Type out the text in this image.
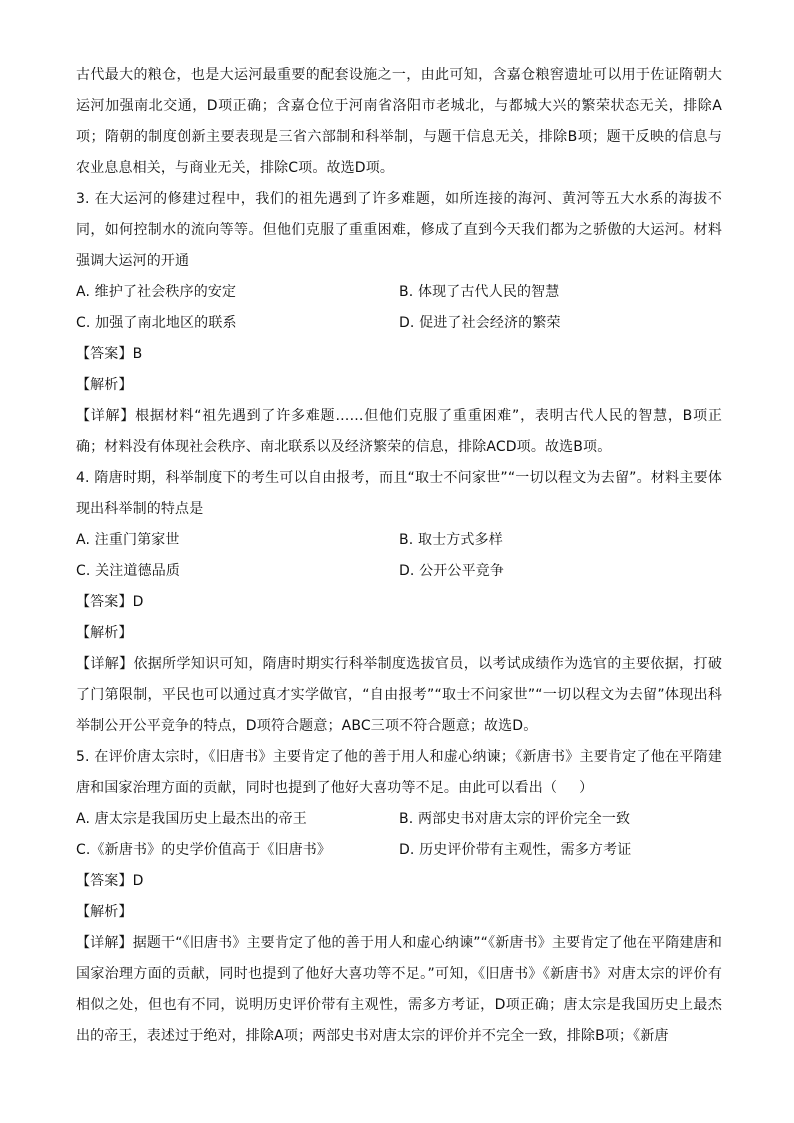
古代最大的粮仓，也是大运河最重要的配套设施之一，由此可知，含嘉仓粮窖遗址可以用于佐证隋朝大运河加强南北交通，D项正确；含嘉仓位于河南省洛阳市老城北，与都城大兴的繁荣状态无关，排除A项；隋朝的制度创新主要表现是三省六部制和科举制，与题干信息无关，排除B项；题干反映的信息与农业息息相关，与商业无关，排除C项。故选D项。

3. 在大运河的修建过程中，我们的祖先遇到了许多难题，如所连接的海河、黄河等五大水系的海拔不同，如何控制水的流向等等。但他们克服了重重困难，修成了直到今天我们都为之骄傲的大运河。材料强调大运河的开通

A. 维护了社会秩序的安定	B. 体现了古代人民的智慧

C. 加强了南北地区的联系	D. 促进了社会经济的繁荣

【答案】B

【解析】

【详解】根据材料“祖先遇到了许多难题……但他们克服了重重困难”，表明古代人民的智慧，B项正确；材料没有体现社会秩序、南北联系以及经济繁荣的信息，排除ACD项。故选B项。

4. 隋唐时期，科举制度下的考生可以自由报考，而且“取士不问家世”“一切以程文为去留”。材料主要体现出科举制的特点是

A. 注重门第家世	B. 取士方式多样

C. 关注道德品质	D. 公开公平竞争

【答案】D

【解析】

【详解】依据所学知识可知，隋唐时期实行科举制度选拔官员，以考试成绩作为选官的主要依据，打破了门第限制，平民也可以通过真才实学做官，“自由报考”“取士不问家世”“一切以程文为去留”体现出科举制公开公平竞争的特点，D项符合题意；ABC三项不符合题意；故选D。

5. 在评价唐太宗时，《旧唐书》主要肯定了他的善于用人和虚心纳谏；《新唐书》主要肯定了他在平隋建唐和国家治理方面的贡献，同时也提到了他好大喜功等不足。由此可以看出（ ）

A. 唐太宗是我国历史上最杰出的帝王	B. 两部史书对唐太宗的评价完全一致

C.《新唐书》的史学价值高于《旧唐书》	D. 历史评价带有主观性，需多方考证

【答案】D

【解析】

【详解】据题干“《旧唐书》主要肯定了他的善于用人和虚心纳谏”“《新唐书》主要肯定了他在平隋建唐和国家治理方面的贡献，同时也提到了他好大喜功等不足。”可知，《旧唐书》《新唐书》对唐太宗的评价有相似之处，但也有不同，说明历史评价带有主观性，需多方考证，D项正确；唐太宗是我国历史上最杰出的帝王，表述过于绝对，排除A项；两部史书对唐太宗的评价并不完全一致，排除B项；《新唐
